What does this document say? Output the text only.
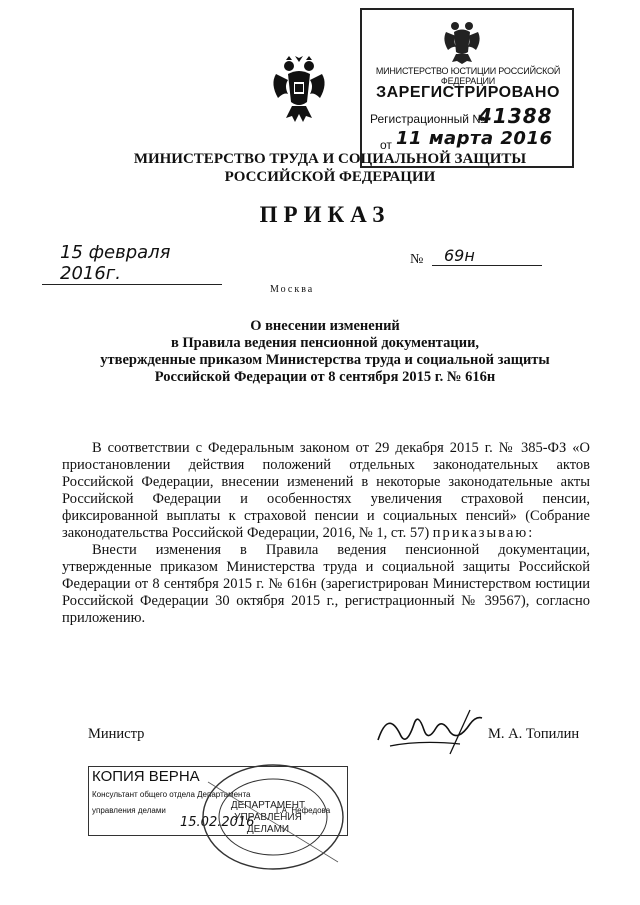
МИНИСТЕРСТВО ЮСТИЦИИ РОССИЙСКОЙ ФЕДЕРАЦИИ
ЗАРЕГИСТРИРОВАНО
Регистрационный №
41388
от 11 марта 2016
МИНИСТЕРСТВО ТРУДА И СОЦИАЛЬНОЙ ЗАЩИТЫ
РОССИЙСКОЙ ФЕДЕРАЦИИ
ПРИКАЗ
15 февраля 2016г.
№	69н
Москва
О внесении изменений
в Правила ведения пенсионной документации,
утвержденные приказом Министерства труда и социальной защиты
Российской Федерации от 8 сентября 2015 г. № 616н
В соответствии с Федеральным законом от 29 декабря 2015 г. № 385-ФЗ «О приостановлении действия положений отдельных законодательных актов Российской Федерации, внесении изменений в некоторые законодательные акты Российской Федерации и особенностях увеличения страховой пенсии, фиксированной выплаты к страховой пенсии и социальных пенсий» (Собрание законодательства Российской Федерации, 2016, № 1, ст. 57) приказываю:
Внести изменения в Правила ведения пенсионной документации, утвержденные приказом Министерства труда и социальной защиты Российской Федерации от 8 сентября 2015 г. № 616н (зарегистрирован Министерством юстиции Российской Федерации 30 октября 2015 г., регистрационный № 39567), согласно приложению.
Министр	М. А. Топилин
КОПИЯ ВЕРНА
Консультант общего отдела Департамента
управления делами	Г.А. Нефедова
15.02.2016
ДЕПАРТАМЕНТ
УПРАВЛЕНИЯ
ДЕЛАМИ
